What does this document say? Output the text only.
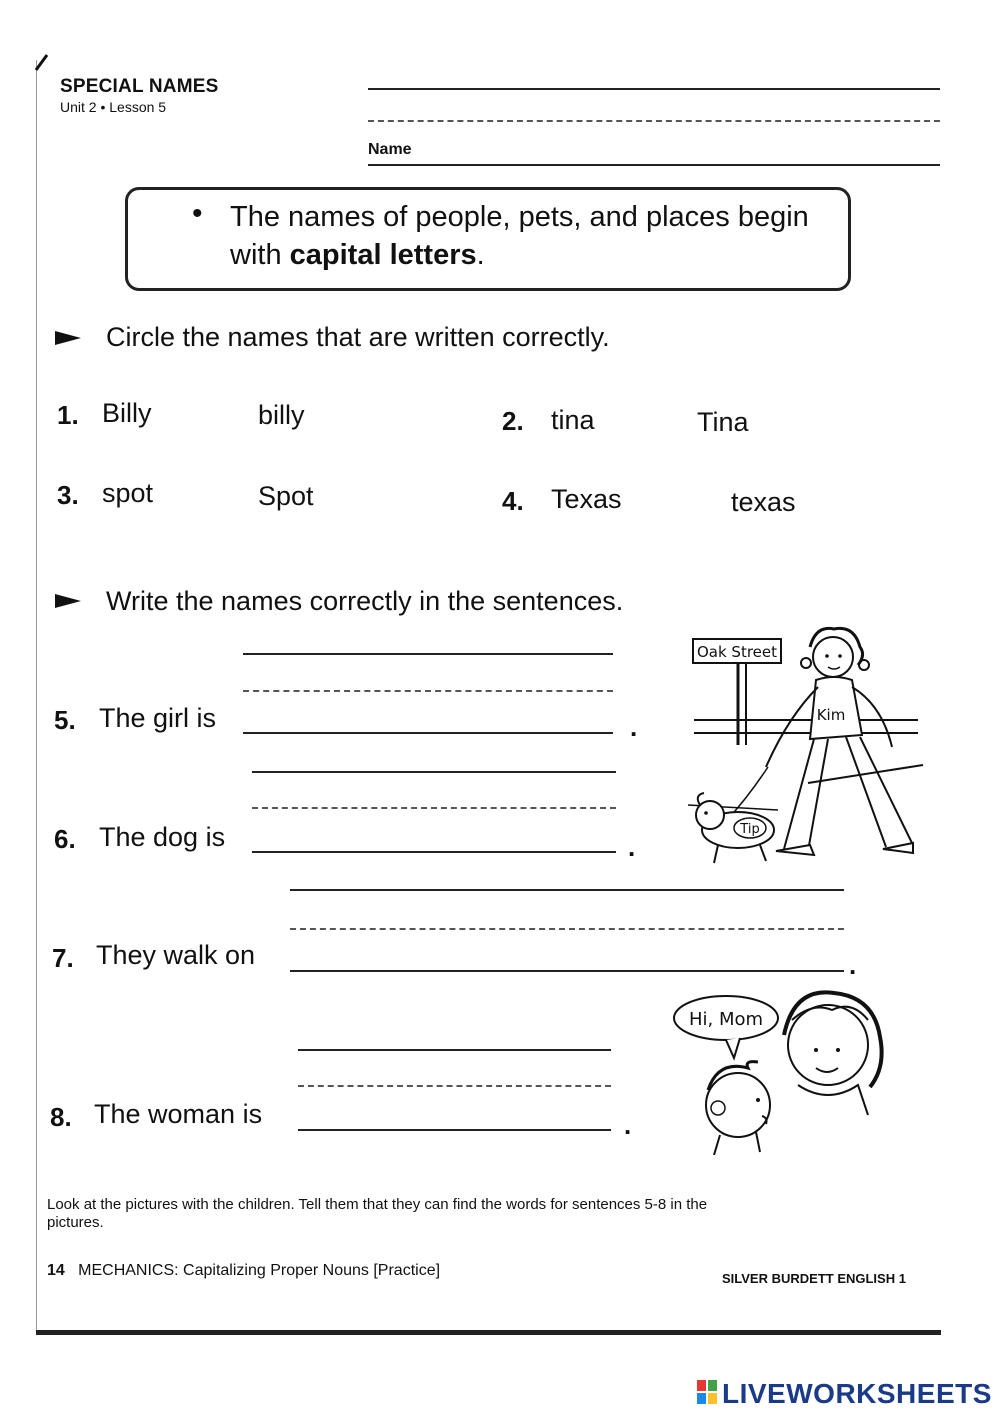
SPECIAL NAMES
Unit 2 • Lesson 5
Name
• The names of people, pets, and places begin with capital letters.
Circle the names that are written correctly.
1. Billy	billy	2. tina	Tina
3. spot	Spot	4. Texas	texas
Write the names correctly in the sentences.
5. The girl is	.
6. The dog is	.
7. They walk on	.
8. The woman is	.
Oak Street
Kim
Tip
Hi, Mom
Look at the pictures with the children. Tell them that they can find the words for sentences 5-8 in the pictures.
14 MECHANICS: Capitalizing Proper Nouns [Practice]	SILVER BURDETT ENGLISH 1
LIVEWORKSHEETS
